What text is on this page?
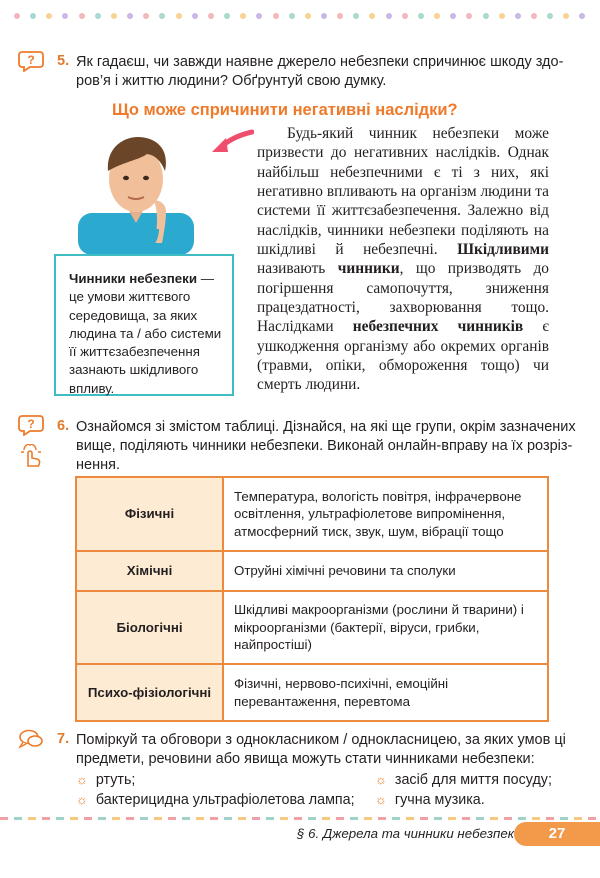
? 5. Як гадаєш, чи завжди наявне джерело небезпеки спричинює шкоду здо-
ров’я і життю людини? Обґрунтуй свою думку.
Що може спричинити негативні наслідки?
Чинники небезпеки — це умови життєвого середовища, за яких людина та / або системи її життєзабезпечення зазнають шкідливого впливу.
Будь-який чинник небезпеки може призвести до негативних наслідків. Однак найбільш небезпечними є ті з них, які негативно впливають на організм людини та системи її життєзабезпечення. Залежно від наслідків, чинники небезпеки поділяють на шкідливі й небезпечні. Шкідливими називають чинники, що призводять до погіршення самопочуття, зниження працездатності, захворювання тощо. Наслідками небезпечних чинників є ушкодження організму або окремих органів (травми, опіки, обмороження тощо) чи смерть людини.
? 6. Ознайомся зі змістом таблиці. Дізнайся, на які ще групи, окрім зазначених
вище, поділяють чинники небезпеки. Виконай онлайн-вправу на їх розріз-
нення.
Фізичні	Температура, вологість повітря, інфрачервоне освітлення, ультрафіолетове випромінення, атмосферний тиск, звук, шум, вібрації тощо
Хімічні	Отруйні хімічні речовини та сполуки
Біологічні	Шкідливі макроорганізми (рослини й тварини) і мікроорганізми (бактерії, віруси, грибки, найпростіші)
Психо-фізіологічні	Фізичні, нервово-психічні, емоційні перевантаження, перевтома
7. Поміркуй та обговори з однокласником / однокласницею, за яких умов ці
предмети, речовини або явища можуть стати чинниками небезпеки:
☼ ртуть;
☼ бактерицидна ультрафіолетова лампа;
☼ засіб для миття посуду;
☼ гучна музика.
§ 6. Джерела та чинники небезпек	27
